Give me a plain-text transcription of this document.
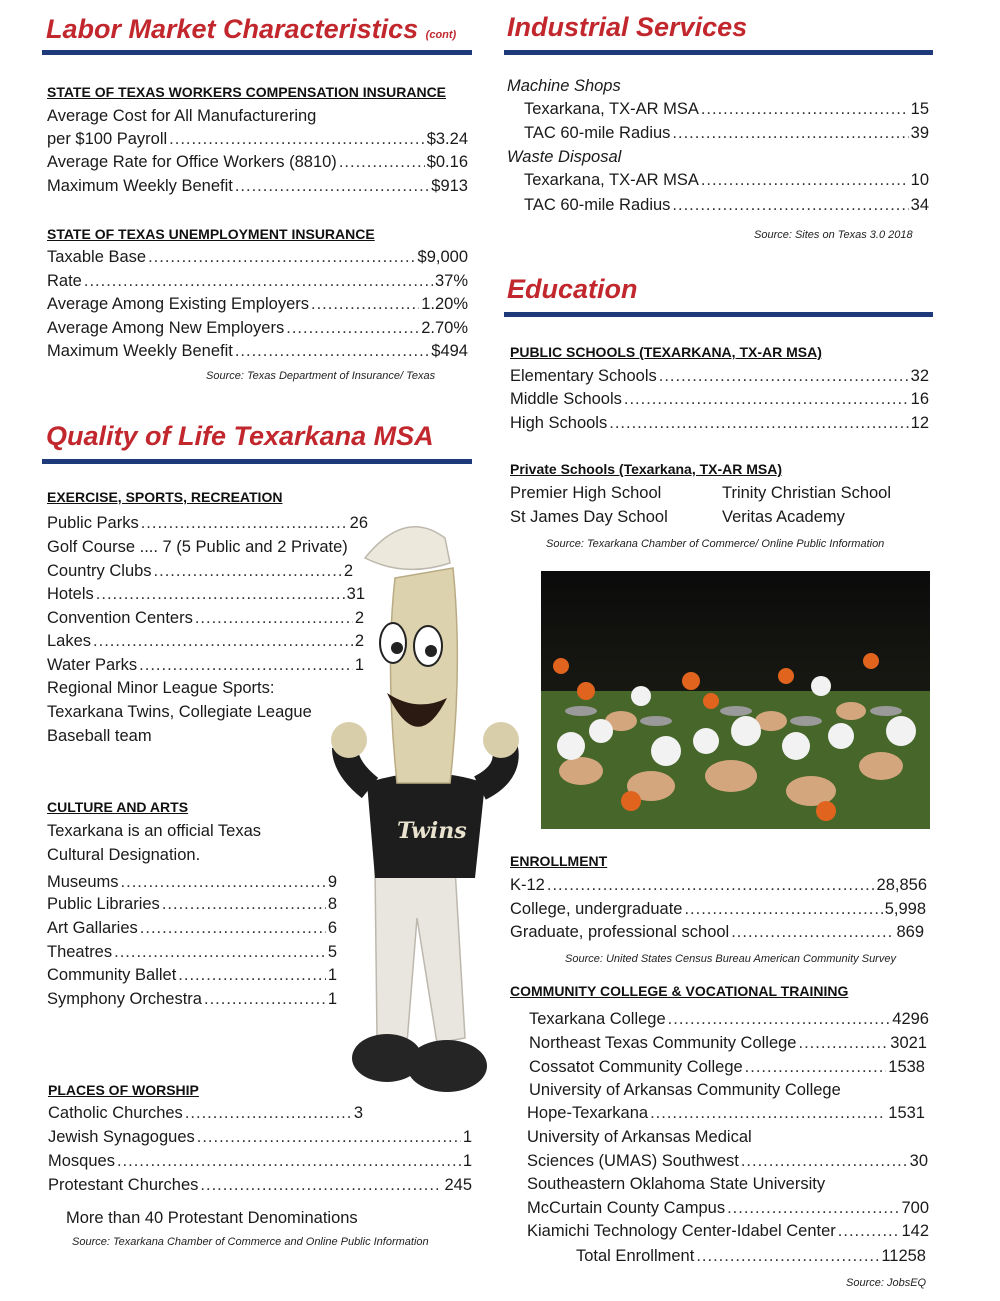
Labor Market Characteristics (cont)
STATE OF TEXAS WORKERS COMPENSATION INSURANCE
Average Cost for All Manufacturering
per $100 Payroll .....	$3.24
Average Rate for Office Workers (8810) .....	$0.16
Maximum Weekly Benefit .....	$913
STATE OF TEXAS UNEMPLOYMENT INSURANCE
Taxable Base .....	$9,000
Rate .....	37%
Average Among Existing Employers .....	1.20%
Average Among New Employers .....	2.70%
Maximum Weekly Benefit .....	$494
Source: Texas Department of Insurance/ Texas
Quality of Life Texarkana MSA
Twins
EXERCISE, SPORTS, RECREATION
Public Parks .....	26
Golf Course .... 7 (5 Public and 2 Private)
Country Clubs .....	2
Hotels .....	31
Convention Centers .....	2
Lakes .....	2
Water Parks .....	1
Regional Minor League Sports:
Texarkana Twins, Collegiate League
Baseball team
CULTURE AND ARTS
Texarkana is an official Texas
Cultural Designation.
Museums .....	9
Public Libraries .....	8
Art Gallaries .....	6
Theatres .....	5
Community Ballet .....	1
Symphony Orchestra .....	1
PLACES OF WORSHIP
Catholic Churches .....	3
Jewish Synagogues .....	1
Mosques .....	1
Protestant Churches .....	245
More than 40 Protestant Denominations
Source: Texarkana Chamber of Commerce and Online Public Information
Industrial Services
Machine Shops
Texarkana, TX-AR MSA .....	15
TAC 60-mile Radius .....	39
Waste Disposal
Texarkana, TX-AR MSA .....	10
TAC 60-mile Radius .....	34
Source: Sites on Texas 3.0 2018
Education
PUBLIC SCHOOLS (TEXARKANA, TX-AR MSA)
Elementary Schools .....	32
Middle Schools .....	16
High Schools .....	12
Private Schools (Texarkana, TX-AR MSA)
Premier High School	Trinity Christian School
St James Day School	Veritas Academy
Source: Texarkana Chamber of Commerce/ Online Public Information
ENROLLMENT
K-12 .....	28,856
College, undergraduate .....	5,998
Graduate, professional school .....	869
Source: United States Census Bureau American Community Survey
COMMUNITY COLLEGE & VOCATIONAL TRAINING
Texarkana College .....	4296
Northeast Texas Community College .....	3021
Cossatot Community College .....	1538
University of Arkansas Community College
Hope-Texarkana .....	1531
University of Arkansas Medical
Sciences (UMAS) Southwest .....	30
Southeastern Oklahoma State University
McCurtain County Campus .....	700
Kiamichi Technology Center-Idabel Center .....	142
Total Enrollment .....	11258
Source: JobsEQ
